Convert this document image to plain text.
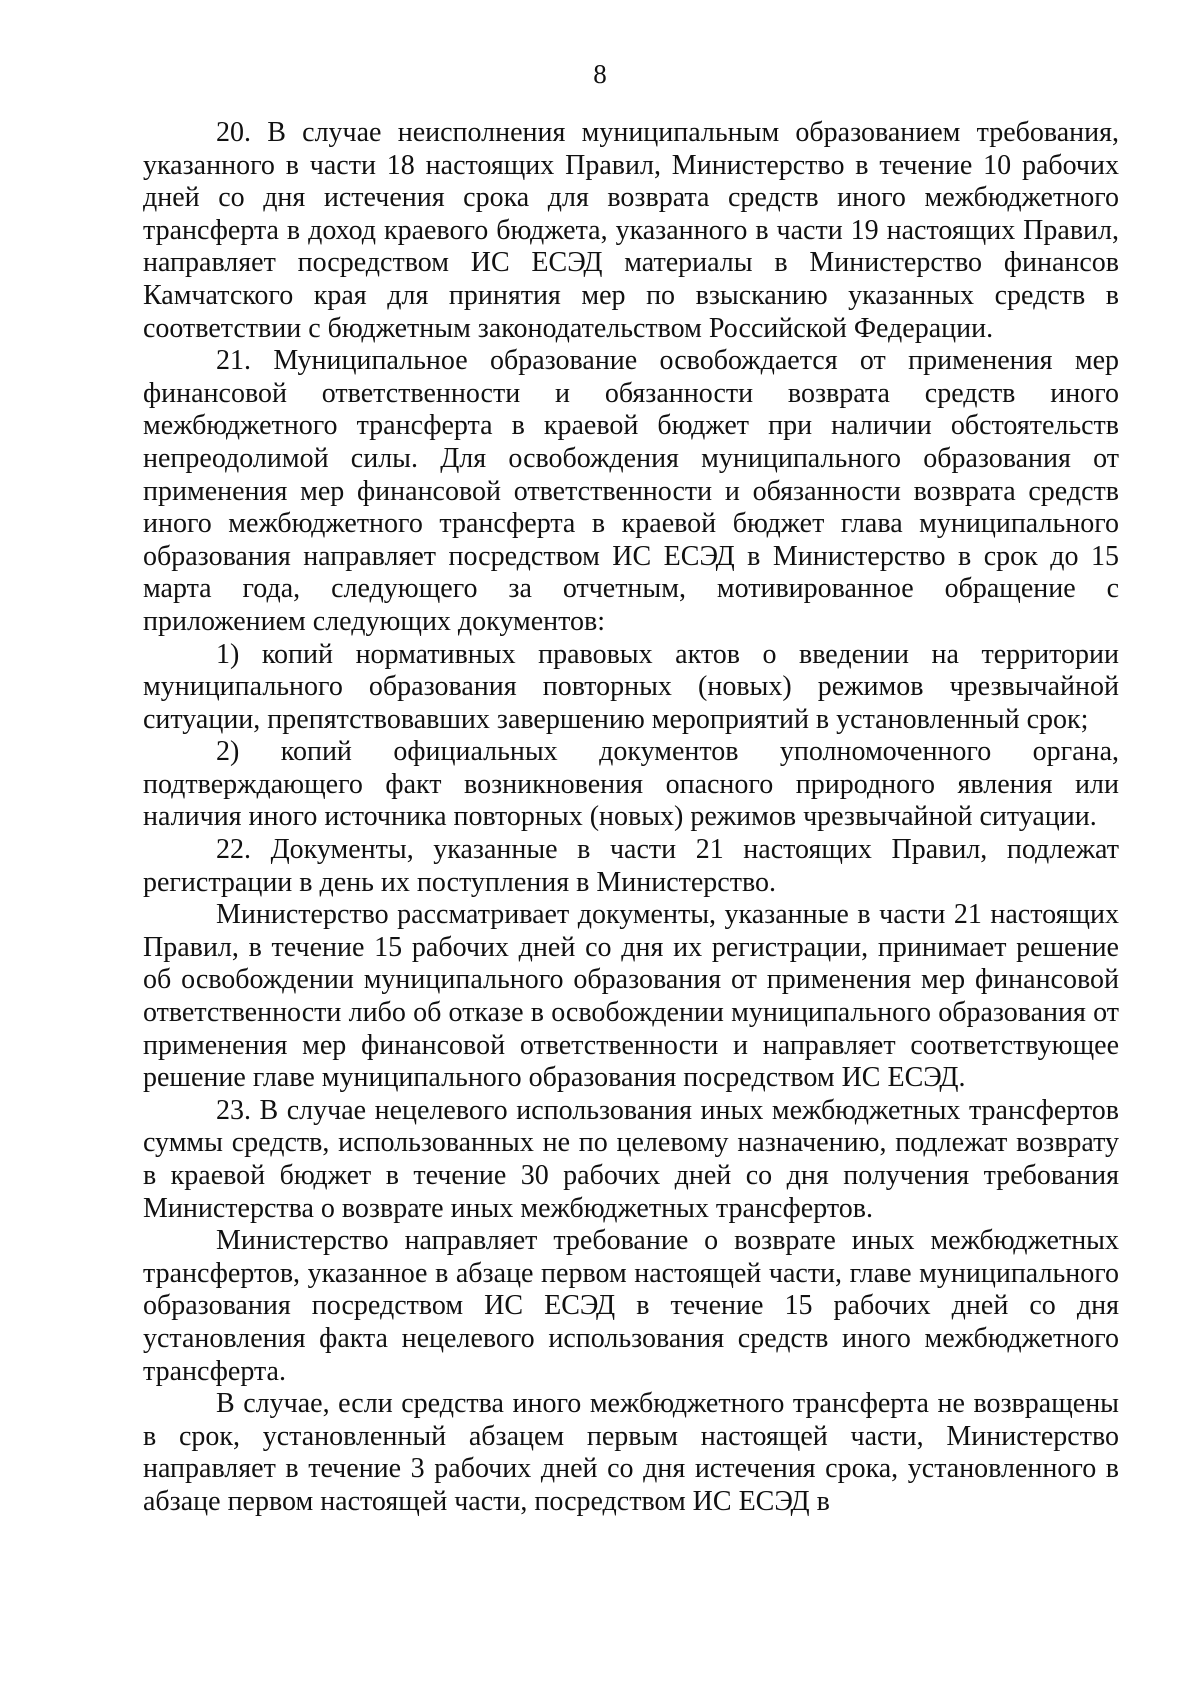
8

20. В случае неисполнения муниципальным образованием требования, указанного в части 18 настоящих Правил, Министерство в течение 10 рабочих дней со дня истечения срока для возврата средств иного межбюджетного трансферта в доход краевого бюджета, указанного в части 19 настоящих Правил, направляет посредством ИС ЕСЭД материалы в Министерство финансов Камчатского края для принятия мер по взысканию указанных средств в соответствии с бюджетным законодательством Российской Федерации.

21. Муниципальное образование освобождается от применения мер финансовой ответственности и обязанности возврата средств иного межбюджетного трансферта в краевой бюджет при наличии обстоятельств непреодолимой силы. Для освобождения муниципального образования от применения мер финансовой ответственности и обязанности возврата средств иного межбюджетного трансферта в краевой бюджет глава муниципального образования направляет посредством ИС ЕСЭД в Министерство в срок до 15 марта года, следующего за отчетным, мотивированное обращение с приложением следующих документов:

1) копий нормативных правовых актов о введении на территории муниципального образования повторных (новых) режимов чрезвычайной ситуации, препятствовавших завершению мероприятий в установленный срок;

2) копий официальных документов уполномоченного органа, подтверждающего факт возникновения опасного природного явления или наличия иного источника повторных (новых) режимов чрезвычайной ситуации.

22. Документы, указанные в части 21 настоящих Правил, подлежат регистрации в день их поступления в Министерство.

Министерство рассматривает документы, указанные в части 21 настоящих Правил, в течение 15 рабочих дней со дня их регистрации, принимает решение об освобождении муниципального образования от применения мер финансовой ответственности либо об отказе в освобождении муниципального образования от применения мер финансовой ответственности и направляет соответствующее решение главе муниципального образования посредством ИС ЕСЭД.

23. В случае нецелевого использования иных межбюджетных трансфертов суммы средств, использованных не по целевому назначению, подлежат возврату в краевой бюджет в течение 30 рабочих дней со дня получения требования Министерства о возврате иных межбюджетных трансфертов.

Министерство направляет требование о возврате иных межбюджетных трансфертов, указанное в абзаце первом настоящей части, главе муниципального образования посредством ИС ЕСЭД в течение 15 рабочих дней со дня установления факта нецелевого использования средств иного межбюджетного трансферта.

В случае, если средства иного межбюджетного трансферта не возвращены в срок, установленный абзацем первым настоящей части, Министерство направляет в течение 3 рабочих дней со дня истечения срока, установленного в абзаце первом настоящей части, посредством ИС ЕСЭД в
